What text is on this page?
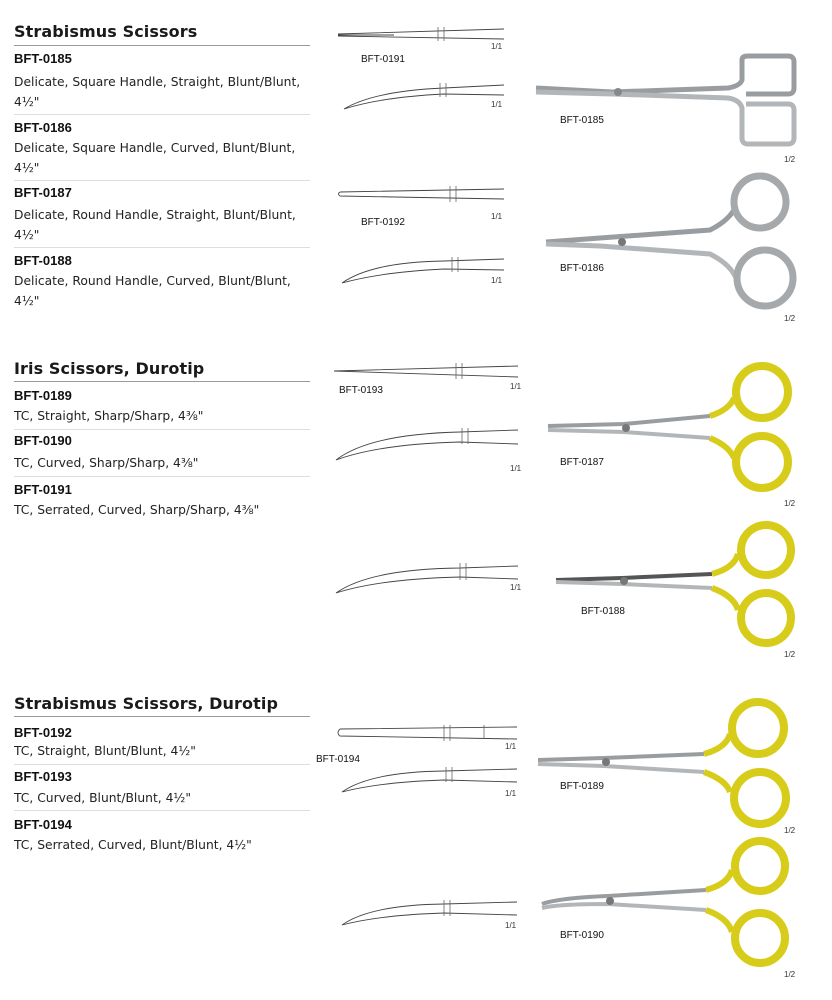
Strabismus Scissors
BFT-0185
Delicate, Square Handle, Straight, Blunt/Blunt, 4½"
BFT-0186
Delicate, Square Handle, Curved, Blunt/Blunt, 4½"
BFT-0187
Delicate, Round Handle, Straight, Blunt/Blunt, 4½"
BFT-0188
Delicate, Round Handle, Curved, Blunt/Blunt, 4½"
Iris Scissors, Durotip
BFT-0189
TC, Straight, Sharp/Sharp, 4⅜"
BFT-0190
TC, Curved, Sharp/Sharp, 4⅜"
BFT-0191
TC, Serrated, Curved, Sharp/Sharp, 4⅜"
Strabismus Scissors, Durotip
BFT-0192
TC, Straight, Blunt/Blunt, 4½"
BFT-0193
TC, Curved, Blunt/Blunt, 4½"
BFT-0194
TC, Serrated, Curved, Blunt/Blunt, 4½"
1/1
BFT-0191
1/1
BFT-0192
1/1
1/1
BFT-0193	1/1
1/1
1/1
BFT-0194
1/1
1/1
1/1
BFT-0185
1/2
BFT-0186
1/2
BFT-0187
1/2
BFT-0188
1/2
BFT-0189
1/2
BFT-0190
1/2
